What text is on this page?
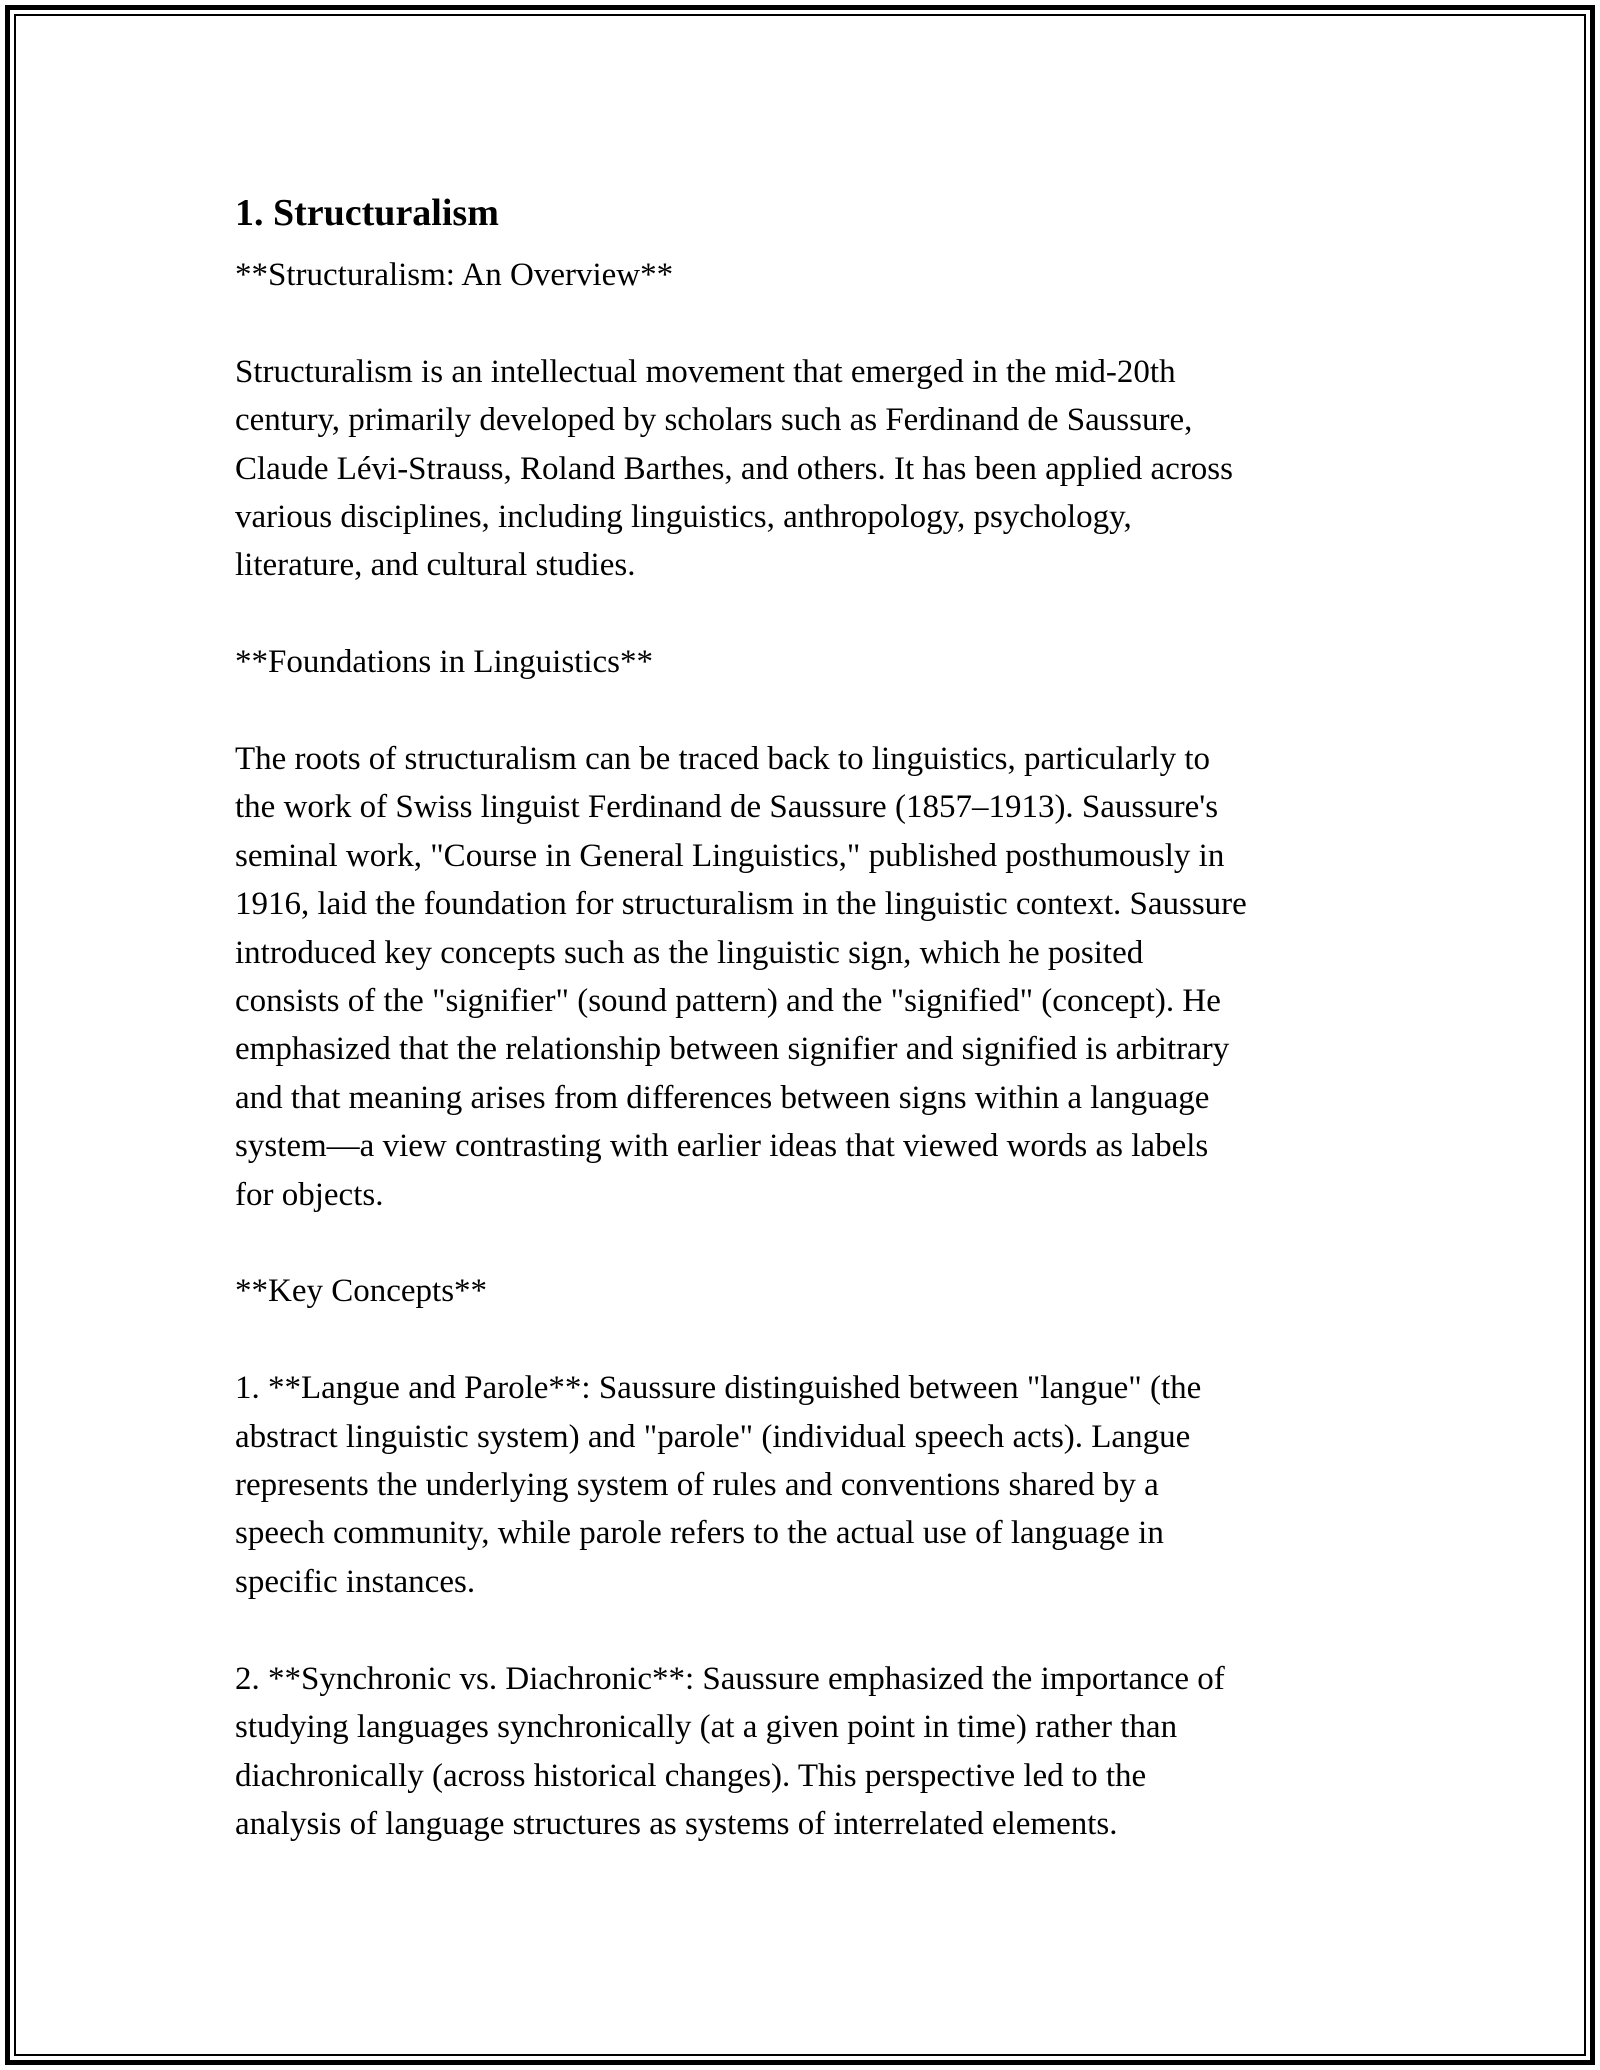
1. Structuralism

**Structuralism: An Overview**

Structuralism is an intellectual movement that emerged in the mid-20th
century, primarily developed by scholars such as Ferdinand de Saussure,
Claude Lévi-Strauss, Roland Barthes, and others. It has been applied across
various disciplines, including linguistics, anthropology, psychology,
literature, and cultural studies.

**Foundations in Linguistics**

The roots of structuralism can be traced back to linguistics, particularly to
the work of Swiss linguist Ferdinand de Saussure (1857–1913). Saussure's
seminal work, "Course in General Linguistics," published posthumously in
1916, laid the foundation for structuralism in the linguistic context. Saussure
introduced key concepts such as the linguistic sign, which he posited
consists of the "signifier" (sound pattern) and the "signified" (concept). He
emphasized that the relationship between signifier and signified is arbitrary
and that meaning arises from differences between signs within a language
system—a view contrasting with earlier ideas that viewed words as labels
for objects.

**Key Concepts**

1. **Langue and Parole**: Saussure distinguished between "langue" (the
abstract linguistic system) and "parole" (individual speech acts). Langue
represents the underlying system of rules and conventions shared by a
speech community, while parole refers to the actual use of language in
specific instances.

2. **Synchronic vs. Diachronic**: Saussure emphasized the importance of
studying languages synchronically (at a given point in time) rather than
diachronically (across historical changes). This perspective led to the
analysis of language structures as systems of interrelated elements.
